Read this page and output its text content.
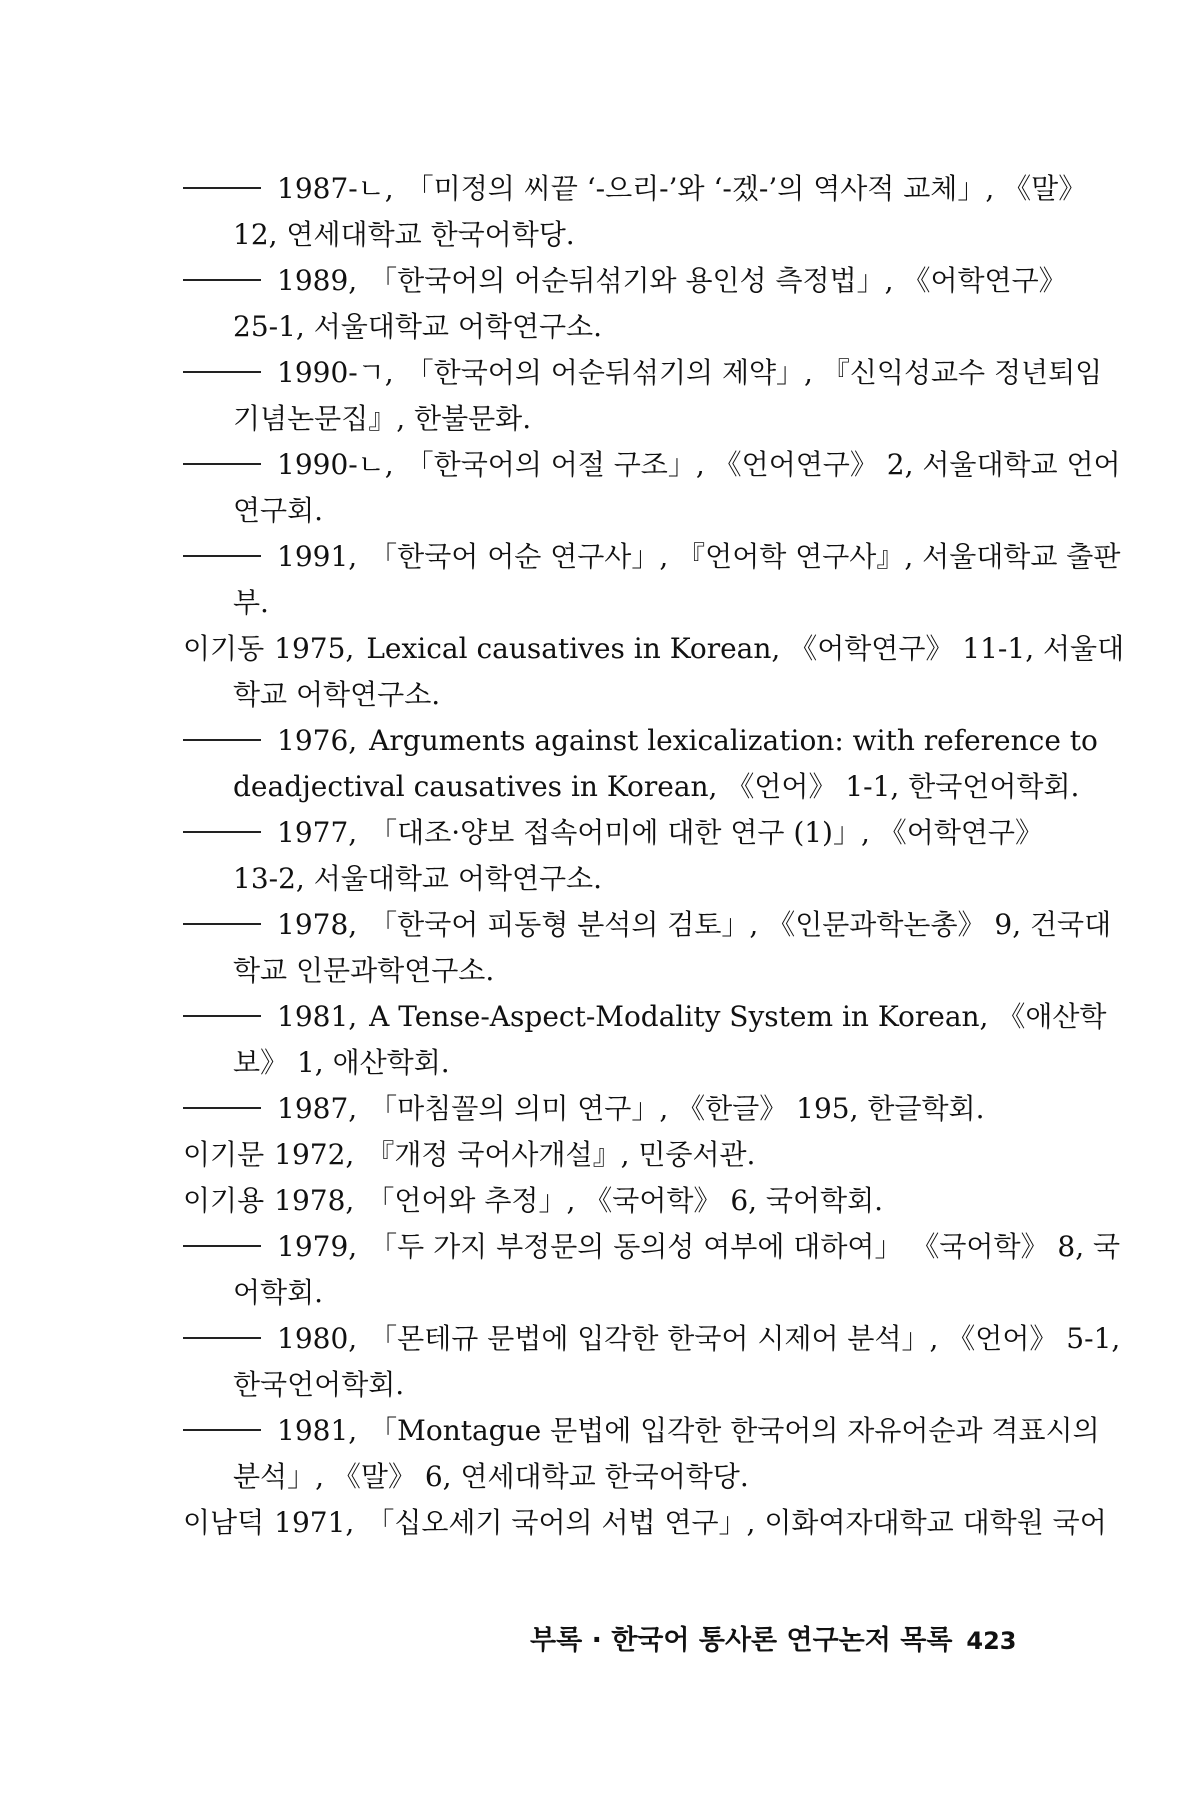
1987-ㄴ, 「미정의 씨끝 ‘-으리-’와 ‘-겠-’의 역사적 교체」, 《말》
12, 연세대학교 한국어학당.
1989, 「한국어의 어순뒤섞기와 용인성 측정법」, 《어학연구》
25-1, 서울대학교 어학연구소.
1990-ㄱ, 「한국어의 어순뒤섞기의 제약」, 『신익성교수 정년퇴임
기념논문집』, 한불문화.
1990-ㄴ, 「한국어의 어절 구조」, 《언어연구》 2, 서울대학교 언어
연구회.
1991, 「한국어 어순 연구사」, 『언어학 연구사』, 서울대학교 출판
부.
이기동 1975, Lexical causatives in Korean, 《어학연구》 11-1, 서울대
학교 어학연구소.
1976, Arguments against lexicalization: with reference to
deadjectival causatives in Korean, 《언어》 1-1, 한국언어학회.
1977, 「대조·양보 접속어미에 대한 연구 (1)」, 《어학연구》
13-2, 서울대학교 어학연구소.
1978, 「한국어 피동형 분석의 검토」, 《인문과학논총》 9, 건국대
학교 인문과학연구소.
1981, A Tense-Aspect-Modality System in Korean, 《애산학
보》 1, 애산학회.
1987, 「마침꼴의 의미 연구」, 《한글》 195, 한글학회.
이기문 1972, 『개정 국어사개설』, 민중서관.
이기용 1978, 「언어와 추정」, 《국어학》 6, 국어학회.
1979, 「두 가지 부정문의 동의성 여부에 대하여」 《국어학》 8, 국
어학회.
1980, 「몬테규 문법에 입각한 한국어 시제어 분석」, 《언어》 5-1,
한국언어학회.
1981, 「Montague 문법에 입각한 한국어의 자유어순과 격표시의
분석」, 《말》 6, 연세대학교 한국어학당.
이남덕 1971, 「십오세기 국어의 서법 연구」, 이화여자대학교 대학원 국어
부록 · 한국어 통사론 연구논저 목록 423
